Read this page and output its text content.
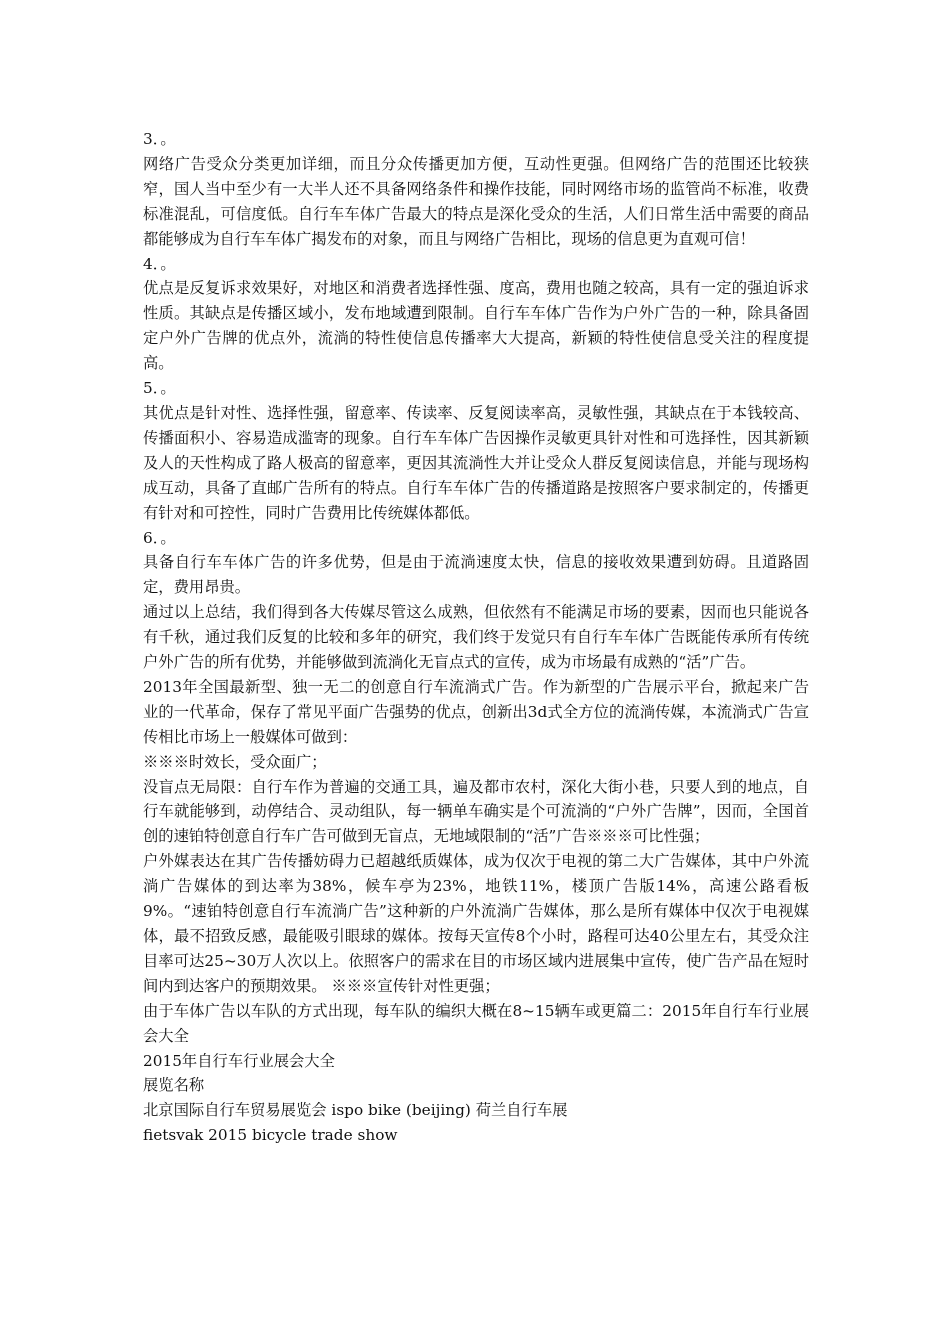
3．。

网络广告受众分类更加详细，而且分众传播更加方便，互动性更强。但网络广告的范围还比较狭窄，国人当中至少有一大半人还不具备网络条件和操作技能，同时网络市场的监管尚不标准，收费标准混乱，可信度低。自行车车体广告最大的特点是深化受众的生活，人们日常生活中需要的商品都能够成为自行车车体广揭发布的对象，而且与网络广告相比，现场的信息更为直观可信！

4．。

优点是反复诉求效果好，对地区和消费者选择性强、度高，费用也随之较高，具有一定的强迫诉求性质。其缺点是传播区域小，发布地域遭到限制。自行车车体广告作为户外广告的一种，除具备固定户外广告牌的优点外，流淌的特性使信息传播率大大提高，新颖的特性使信息受关注的程度提高。

5．。

其优点是针对性、选择性强，留意率、传读率、反复阅读率高，灵敏性强，其缺点在于本钱较高、传播面积小、容易造成滥寄的现象。自行车车体广告因操作灵敏更具针对性和可选择性，因其新颖及人的天性构成了路人极高的留意率，更因其流淌性大并让受众人群反复阅读信息，并能与现场构成互动，具备了直邮广告所有的特点。自行车车体广告的传播道路是按照客户要求制定的，传播更有针对和可控性，同时广告费用比传统媒体都低。

6．。

具备自行车车体广告的许多优势，但是由于流淌速度太快，信息的接收效果遭到妨碍。且道路固定，费用昂贵。

通过以上总结，我们得到各大传媒尽管这么成熟，但依然有不能满足市场的要素，因而也只能说各有千秋，通过我们反复的比较和多年的研究，我们终于发觉只有自行车车体广告既能传承所有传统户外广告的所有优势，并能够做到流淌化无盲点式的宣传，成为市场最有成熟的“活”广告。

2013年全国最新型、独一无二的创意自行车流淌式广告。作为新型的广告展示平台，掀起来广告业的一代革命，保存了常见平面广告强势的优点，创新出3d式全方位的流淌传媒，本流淌式广告宣传相比市场上一般媒体可做到：

※※※时效长，受众面广；

没盲点无局限：自行车作为普遍的交通工具，遍及都市农村，深化大街小巷，只要人到的地点，自行车就能够到，动停结合、灵动组队，每一辆单车确实是个可流淌的“户外广告牌”，因而，全国首创的速铂特创意自行车广告可做到无盲点，无地域限制的“活”广告※※※可比性强；

户外媒表达在其广告传播妨碍力已超越纸质媒体，成为仅次于电视的第二大广告媒体，其中户外流淌广告媒体的到达率为38%，候车亭为23%，地铁11%，楼顶广告版14%，高速公路看板9%。“速铂特创意自行车流淌广告”这种新的户外流淌广告媒体，那么是所有媒体中仅次于电视媒体，最不招致反感，最能吸引眼球的媒体。按每天宣传8个小时，路程可达40公里左右，其受众注目率可达25~30万人次以上。依照客户的需求在目的市场区域内进展集中宣传，使广告产品在短时间内到达客户的预期效果。 ※※※宣传针对性更强；

由于车体广告以车队的方式出现，每车队的编织大概在8~15辆车或更篇二：2015年自行车行业展会大全

2015年自行车行业展会大全

展览名称

北京国际自行车贸易展览会 ispo bike (beijing) 荷兰自行车展

fietsvak 2015 bicycle trade show
